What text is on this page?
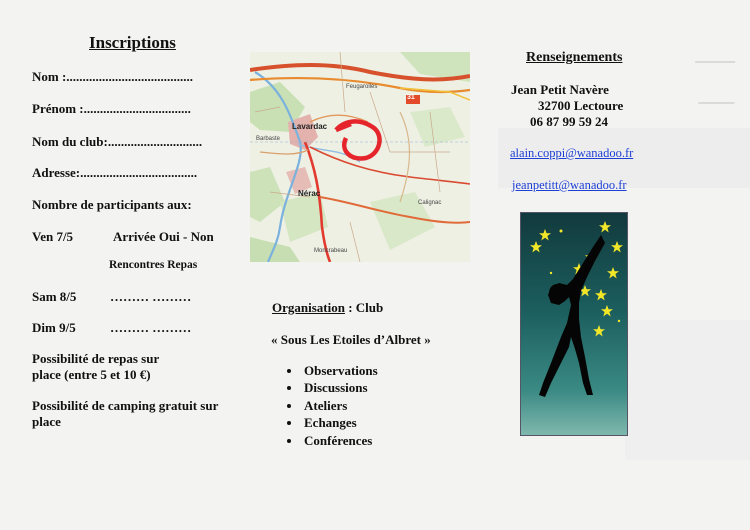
Inscriptions
Nom :.......................................
Prénom :.................................
Nom du club:.............................
Adresse:....................................
Nombre de participants aux:
Ven 7/5	Arrivée Oui - Non
Rencontres Repas
Sam 8/5	……… ………
Dim 9/5	……… ………
Possibilité de repas sur
place (entre 5 et 10 €)
Possibilité de camping gratuit sur
place
31
Lavardac
Barbaste
Nérac
Calignac
Feugarolles
Moncrabeau
Organisation : Club
« Sous Les Etoiles d’Albret »
• Observations
• Discussions
• Ateliers
• Echanges
• Conférences
Renseignements
Jean Petit Navère
32700 Lectoure
06 87 99 59 24
alain.coppi@wanadoo.fr
jeanpetitt@wanadoo.fr
